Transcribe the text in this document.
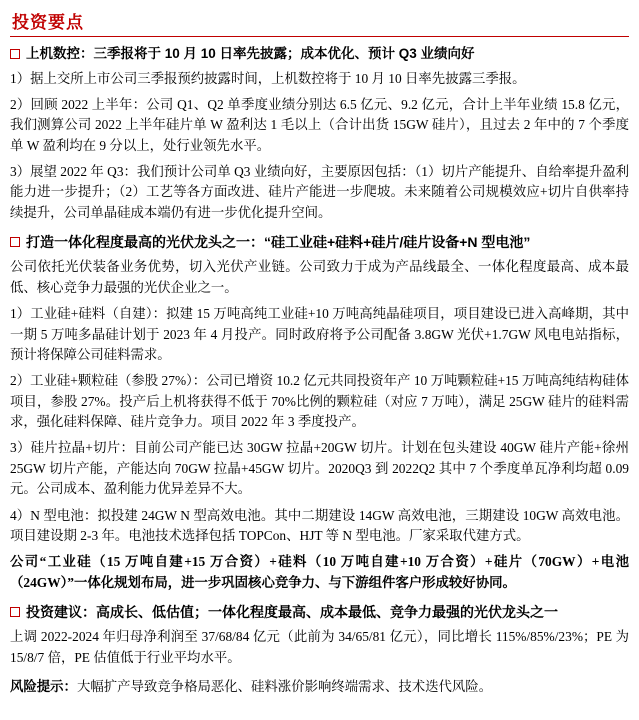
投资要点
上机数控：三季报将于 10 月 10 日率先披露；成本优化、预计 Q3 业绩向好

1）据上交所上市公司三季报预约披露时间，上机数控将于 10 月 10 日率先披露三季报。

2）回顾 2022 上半年：公司 Q1、Q2 单季度业绩分别达 6.5 亿元、9.2 亿元，合计上半年业绩 15.8 亿元，我们测算公司 2022 上半年硅片单 W 盈利达 1 毛以上（合计出货 15GW 硅片），且过去 2 年中的 7 个季度单 W 盈利均在 9 分以上，处行业领先水平。

3）展望 2022 年 Q3：我们预计公司单 Q3 业绩向好，主要原因包括：（1）切片产能提升、自给率提升盈利能力进一步提升；（2）工艺等各方面改进、硅片产能进一步爬坡。未来随着公司规模效应+切片自供率持续提升，公司单晶硅成本端仍有进一步优化提升空间。

打造一体化程度最高的光伏龙头之一：“硅工业硅+硅料+硅片/硅片设备+N 型电池”

公司依托光伏装备业务优势，切入光伏产业链。公司致力于成为产品线最全、一体化程度最高、成本最低、核心竞争力最强的光伏企业之一。

1）工业硅+硅料（自建）：拟建 15 万吨高纯工业硅+10 万吨高纯晶硅项目，项目建设已进入高峰期，其中一期 5 万吨多晶硅计划于 2023 年 4 月投产。同时政府将予公司配备 3.8GW 光伏+1.7GW 风电电站指标，预计将保障公司硅料需求。

2）工业硅+颗粒硅（参股 27%）：公司已增资 10.2 亿元共同投资年产 10 万吨颗粒硅+15 万吨高纯结构硅体项目，参股 27%。投产后上机将获得不低于 70%比例的颗粒硅（对应 7 万吨），满足 25GW 硅片的硅料需求，强化硅料保障、硅片竞争力。项目 2022 年 3 季度投产。

3）硅片拉晶+切片：目前公司产能已达 30GW 拉晶+20GW 切片。计划在包头建设 40GW 硅片产能+徐州 25GW 切片产能，产能达向 70GW 拉晶+45GW 切片。2020Q3 到 2022Q2 其中 7 个季度单瓦净利均超 0.09 元。公司成本、盈利能力优异差异不大。

4）N 型电池：拟投建 24GW N 型高效电池。其中二期建设 14GW 高效电池，三期建设 10GW 高效电池。项目建设期 2-3 年。电池技术选择包括 TOPCon、HJT 等 N 型电池。厂家采取代建方式。

公司“工业硅（15 万吨自建+15 万合资）+硅料（10 万吨自建+10 万合资）+硅片（70GW）+电池（24GW）”一体化规划布局，进一步巩固核心竞争力、与下游组件客户形成较好协同。

投资建议：高成长、低估值；一体化程度最高、成本最低、竞争力最强的光伏龙头之一

上调 2022-2024 年归母净利润至 37/68/84 亿元（此前为 34/65/81 亿元），同比增长 115%/85%/23%；PE 为 15/8/7 倍，PE 估值低于行业平均水平。

风险提示：大幅扩产导致竞争格局恶化、硅料涨价影响终端需求、技术迭代风险。
